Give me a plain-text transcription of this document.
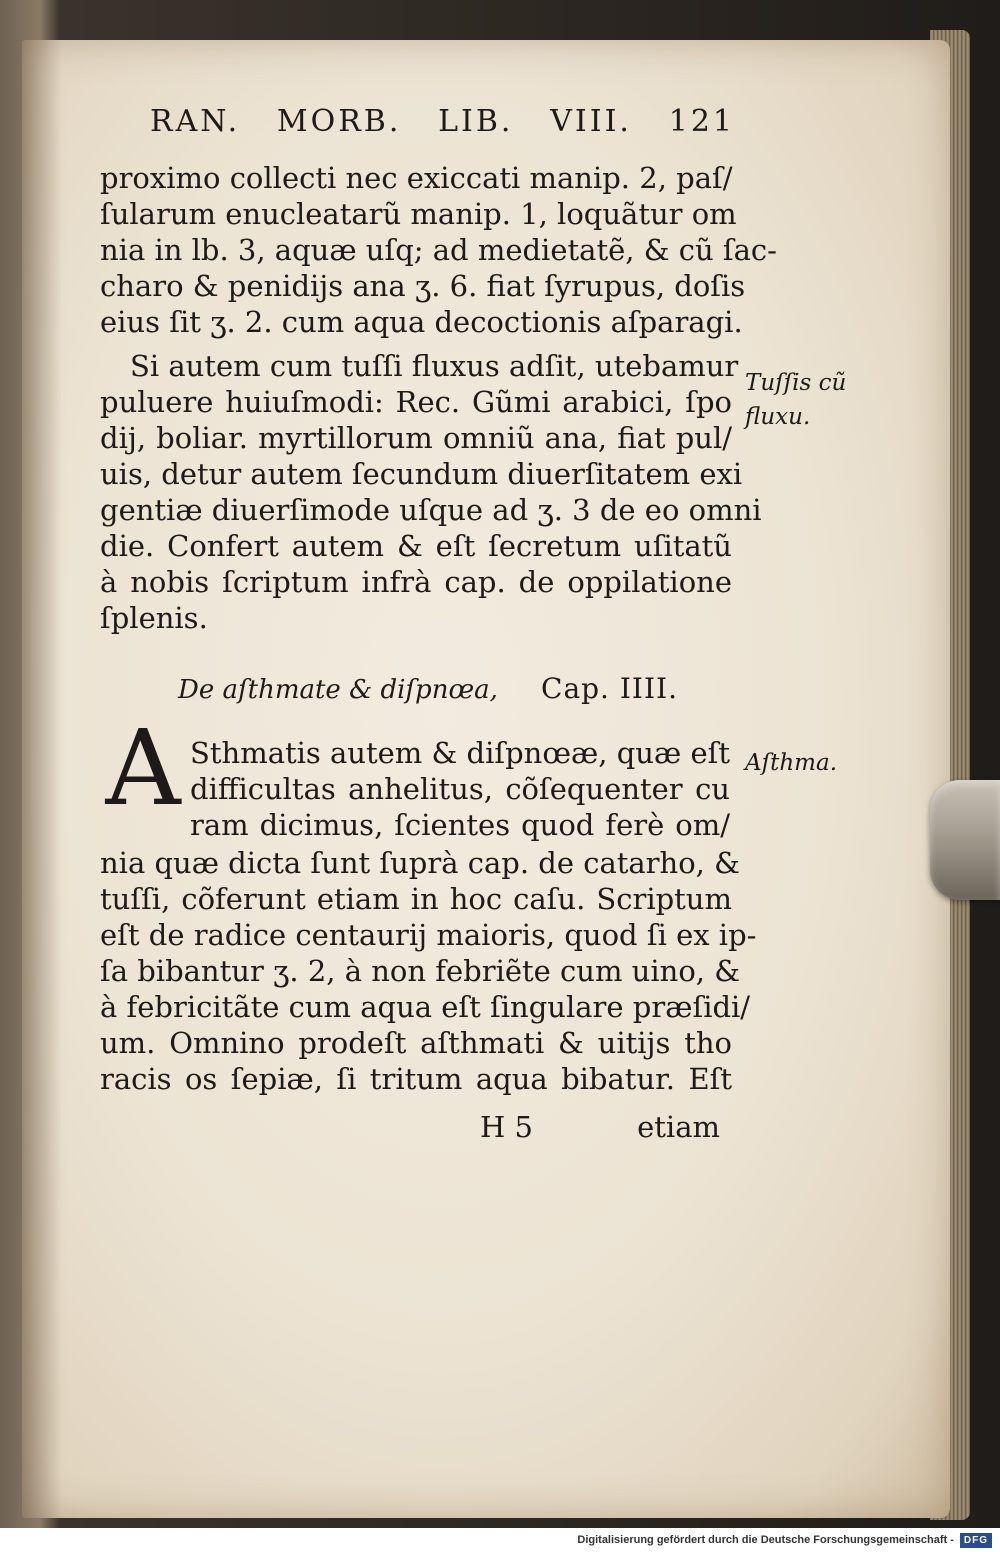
RAN. MORB. LIB. VIII. 121
proximo collecti nec exiccati manip. 2, paſ/
ſularum enucleatarũ manip. 1, loquãtur om
nia in lb. 3, aquæ uſq; ad medietatẽ, & cũ ſac-
charo & penidijs ana ʒ. 6. fiat ſyrupus, doſis
eius ſit ʒ. 2. cum aqua decoctionis aſparagi.
Si autem cum tuſſi fluxus adſit, utebamur
puluere huiuſmodi: Rec. Gũmi arabici, ſpo
dij, boliar. myrtillorum omniũ ana, fiat pul/
uis, detur autem ſecundum diuerſitatem exi
gentiæ diuerſimode uſque ad ʒ. 3 de eo omni
die. Confert autem & eſt ſecretum uſitatũ
à nobis ſcriptum infrà cap. de oppilatione
ſplenis.
De aſthmate & diſpnœa, Cap. IIII.
A Sthmatis autem & diſpnœæ, quæ eſt
difficultas anhelitus, cõſequenter cu
ram dicimus, ſcientes quod ferè om/
nia quæ dicta ſunt ſuprà cap. de catarho, &
tuſſi, cõferunt etiam in hoc caſu. Scriptum
eſt de radice centaurij maioris, quod ſi ex ip-
ſa bibantur ʒ. 2, à non febriẽte cum uino, &
à febricitãte cum aqua eſt ſingulare præſidi/
um. Omnino prodeſt aſthmati & uitijs tho
racis os ſepiæ, ſi tritum aqua bibatur. Eſt
H 5	etiam
Tuſſis cũ
fluxu.
Aſthma.
Digitalisierung gefördert durch die Deutsche Forschungsgemeinschaft -	DFG
